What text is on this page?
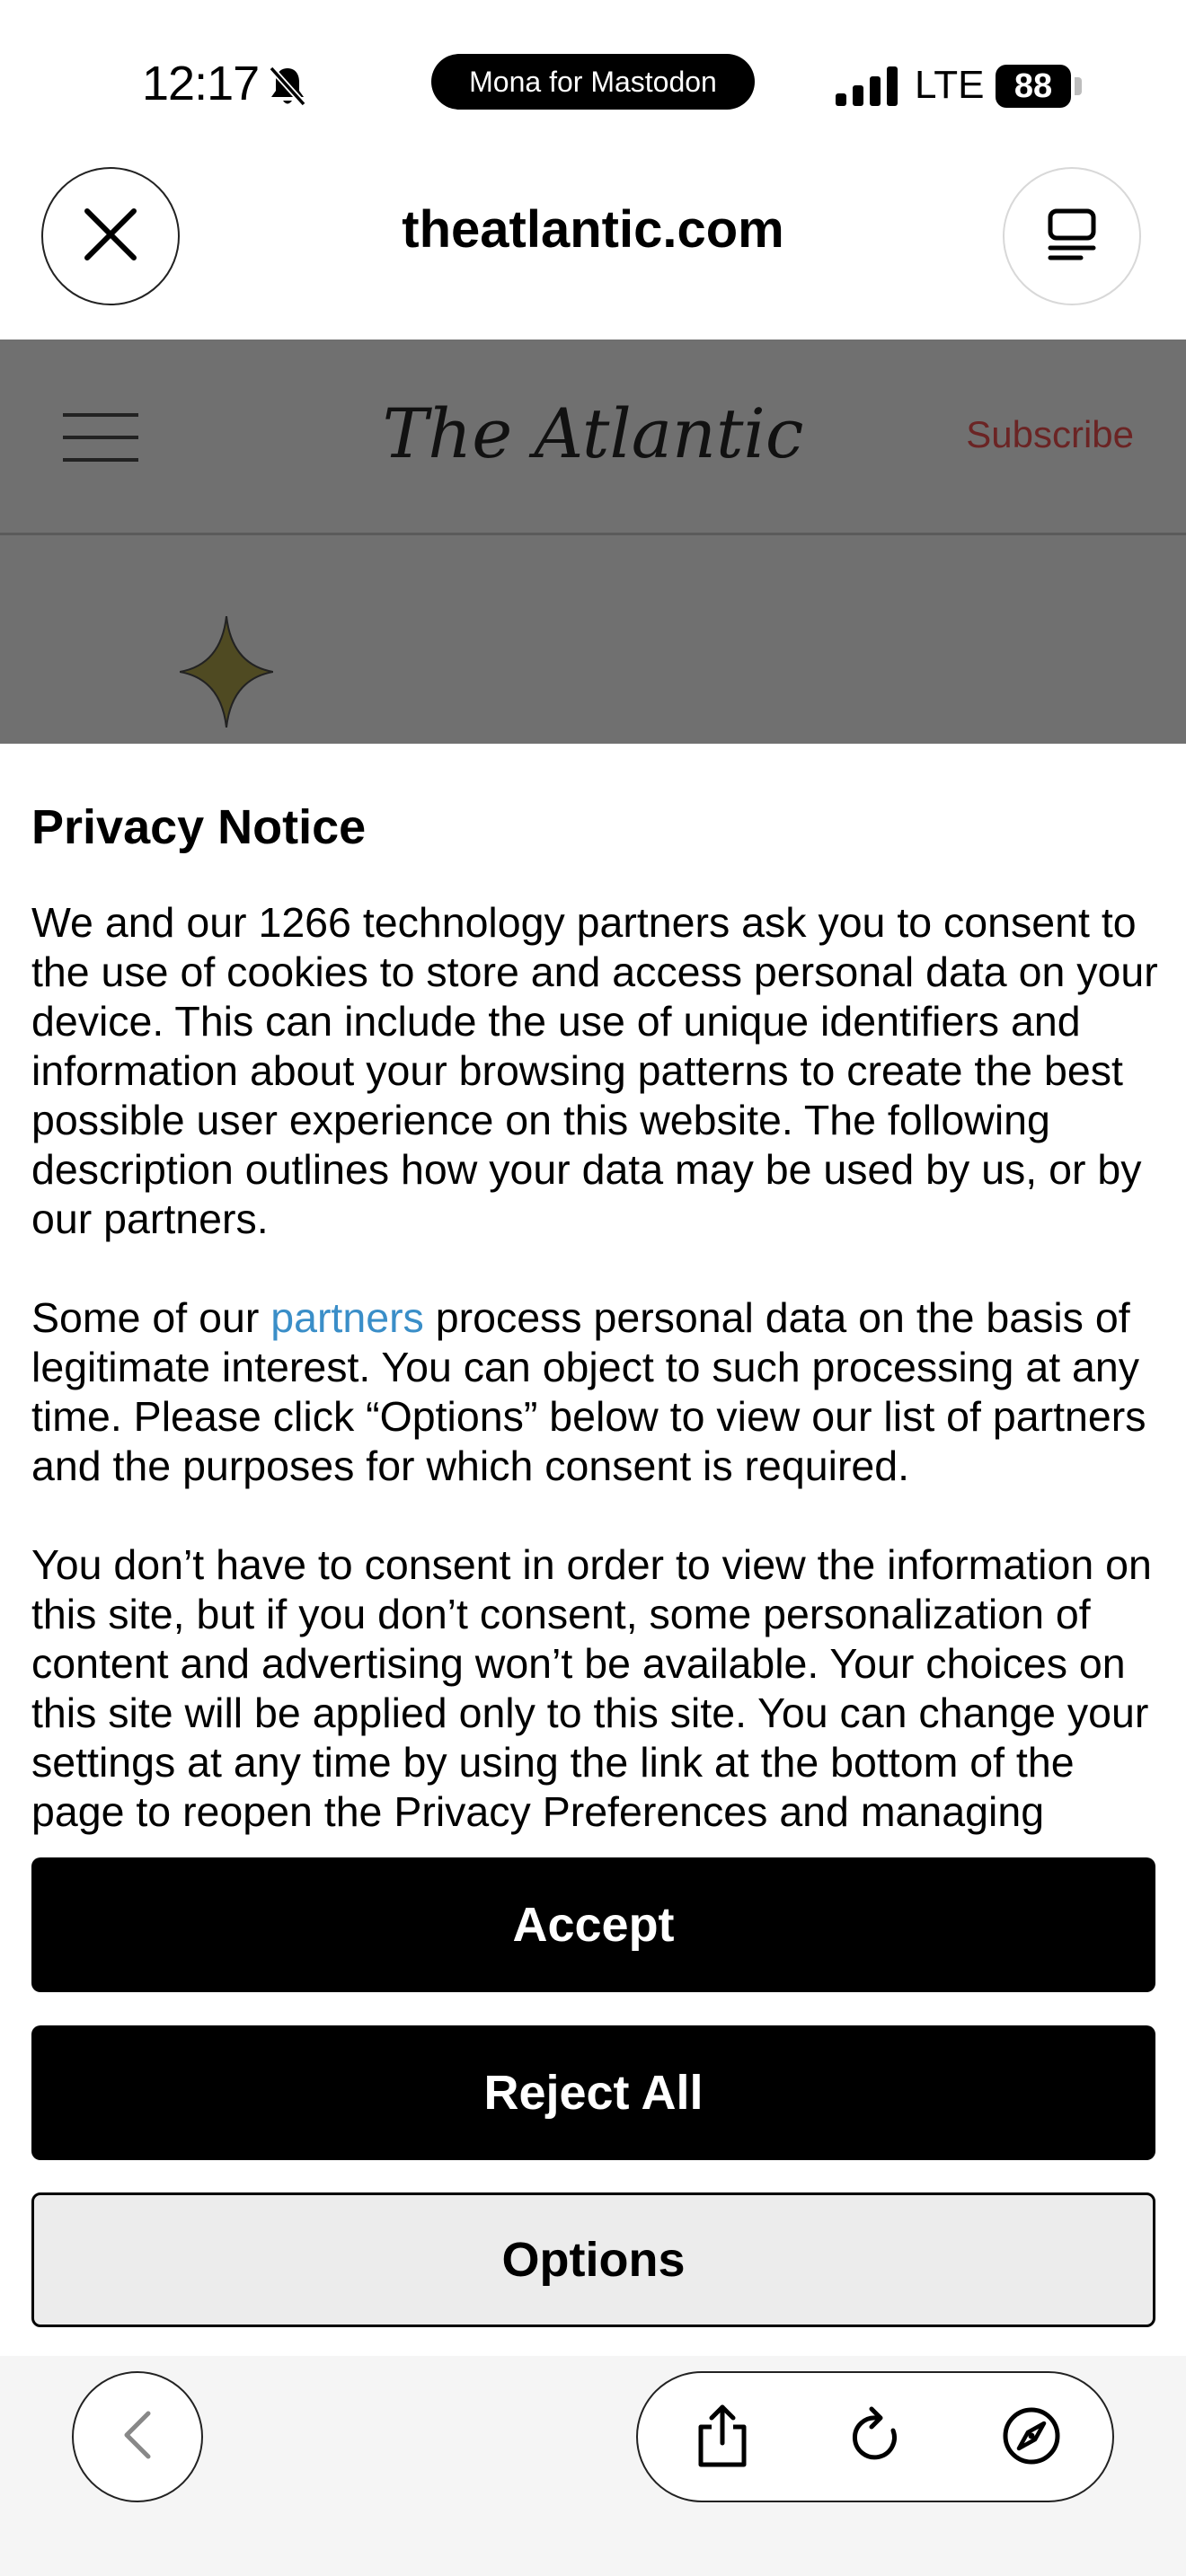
12:17	Mona for Mastodon	LTE 88
theatlantic.com
The Atlantic	Subscribe
Privacy Notice

We and our 1266 technology partners ask you to consent to the use of cookies to store and access personal data on your device. This can include the use of unique identifiers and information about your browsing patterns to create the best possible user experience on this website. The following description outlines how your data may be used by us, or by our partners.

Some of our partners process personal data on the basis of legitimate interest. You can object to such processing at any time. Please click “Options” below to view our list of partners and the purposes for which consent is required.

You don’t have to consent in order to view the information on this site, but if you don’t consent, some personalization of content and advertising won’t be available. Your choices on this site will be applied only to this site. You can change your settings at any time by using the link at the bottom of the page to reopen the Privacy Preferences and managing

Accept
Reject All
Options
